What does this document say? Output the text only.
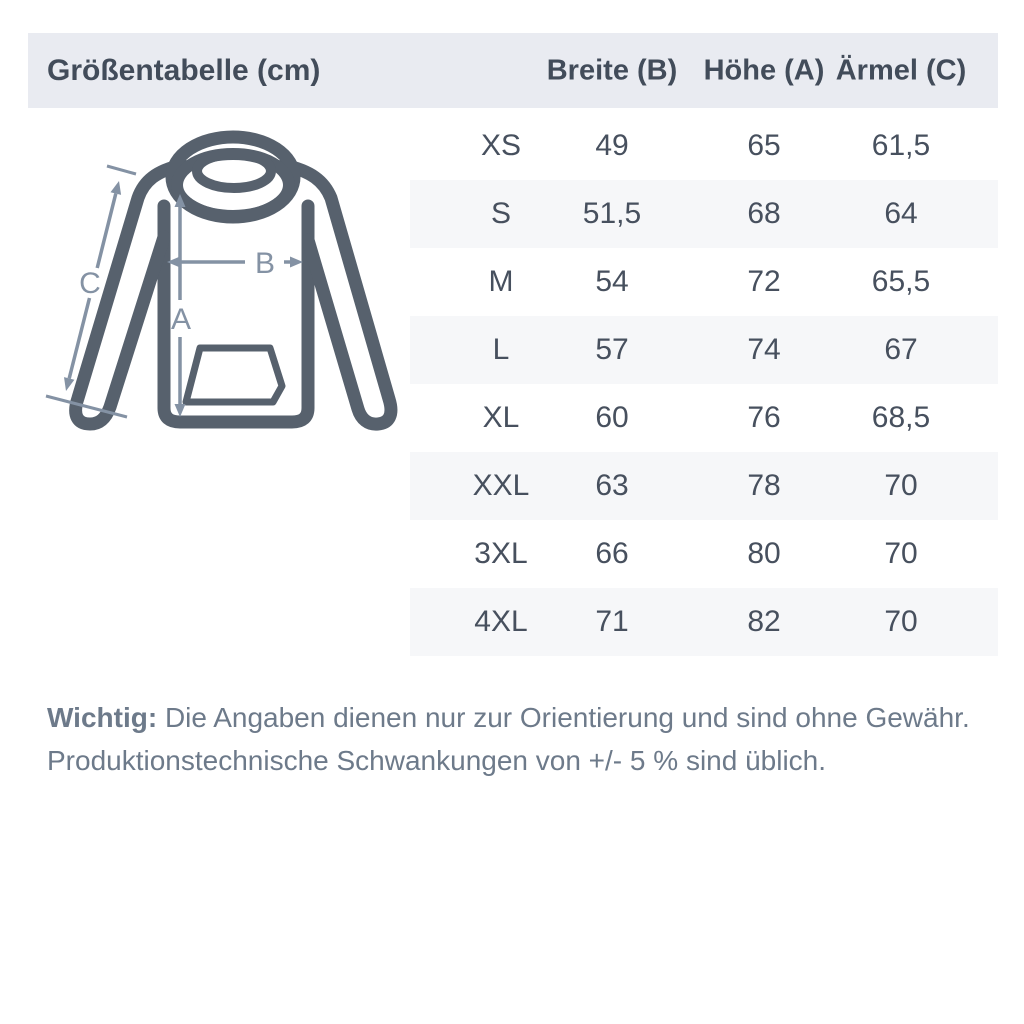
Größentabelle (cm)	Breite (B) Höhe (A) Ärmel (C)
A
B
C
XS 49	65	61,5
S 51,5	68	64
M	54	72	65,5
L	57	74	67
XL	60	76	68,5
XXL 63	78	70
3XL 66	80	70
4XL 71	82	70

Wichtig: Die Angaben dienen nur zur Orientierung und sind ohne Gewähr.
Produktionstechnische Schwankungen von +/- 5 % sind üblich.
